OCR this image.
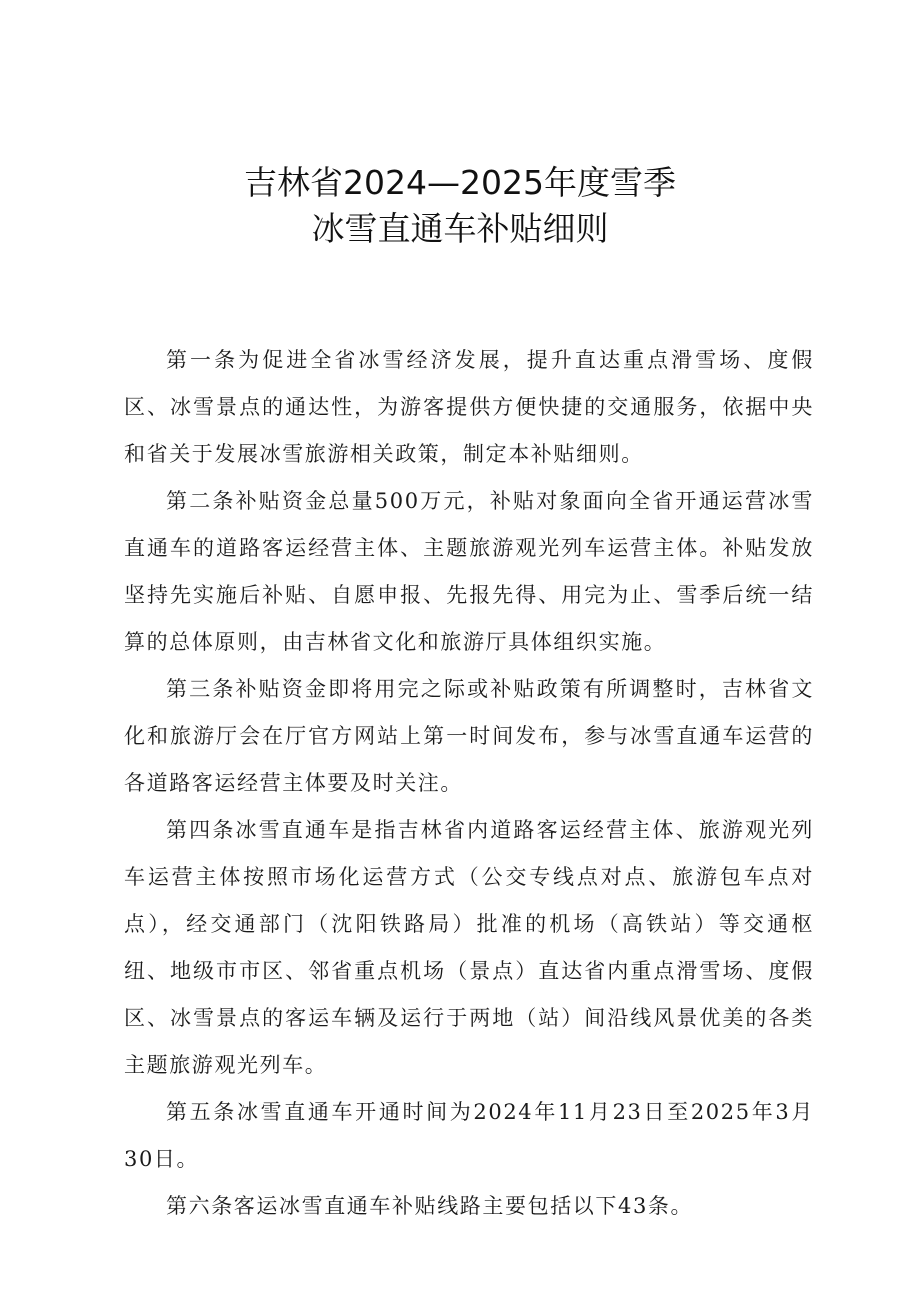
吉林省2024—2025年度雪季
冰雪直通车补贴细则

第一条为促进全省冰雪经济发展，提升直达重点滑雪场、度假区、冰雪景点的通达性，为游客提供方便快捷的交通服务，依据中央和省关于发展冰雪旅游相关政策，制定本补贴细则。

第二条补贴资金总量500万元，补贴对象面向全省开通运营冰雪直通车的道路客运经营主体、主题旅游观光列车运营主体。补贴发放坚持先实施后补贴、自愿申报、先报先得、用完为止、雪季后统一结算的总体原则，由吉林省文化和旅游厅具体组织实施。

第三条补贴资金即将用完之际或补贴政策有所调整时，吉林省文化和旅游厅会在厅官方网站上第一时间发布，参与冰雪直通车运营的各道路客运经营主体要及时关注。

第四条冰雪直通车是指吉林省内道路客运经营主体、旅游观光列车运营主体按照市场化运营方式（公交专线点对点、旅游包车点对点），经交通部门（沈阳铁路局）批准的机场（高铁站）等交通枢纽、地级市市区、邻省重点机场（景点）直达省内重点滑雪场、度假区、冰雪景点的客运车辆及运行于两地（站）间沿线风景优美的各类主题旅游观光列车。

第五条冰雪直通车开通时间为2024年11月23日至2025年3月30日。

第六条客运冰雪直通车补贴线路主要包括以下43条。
